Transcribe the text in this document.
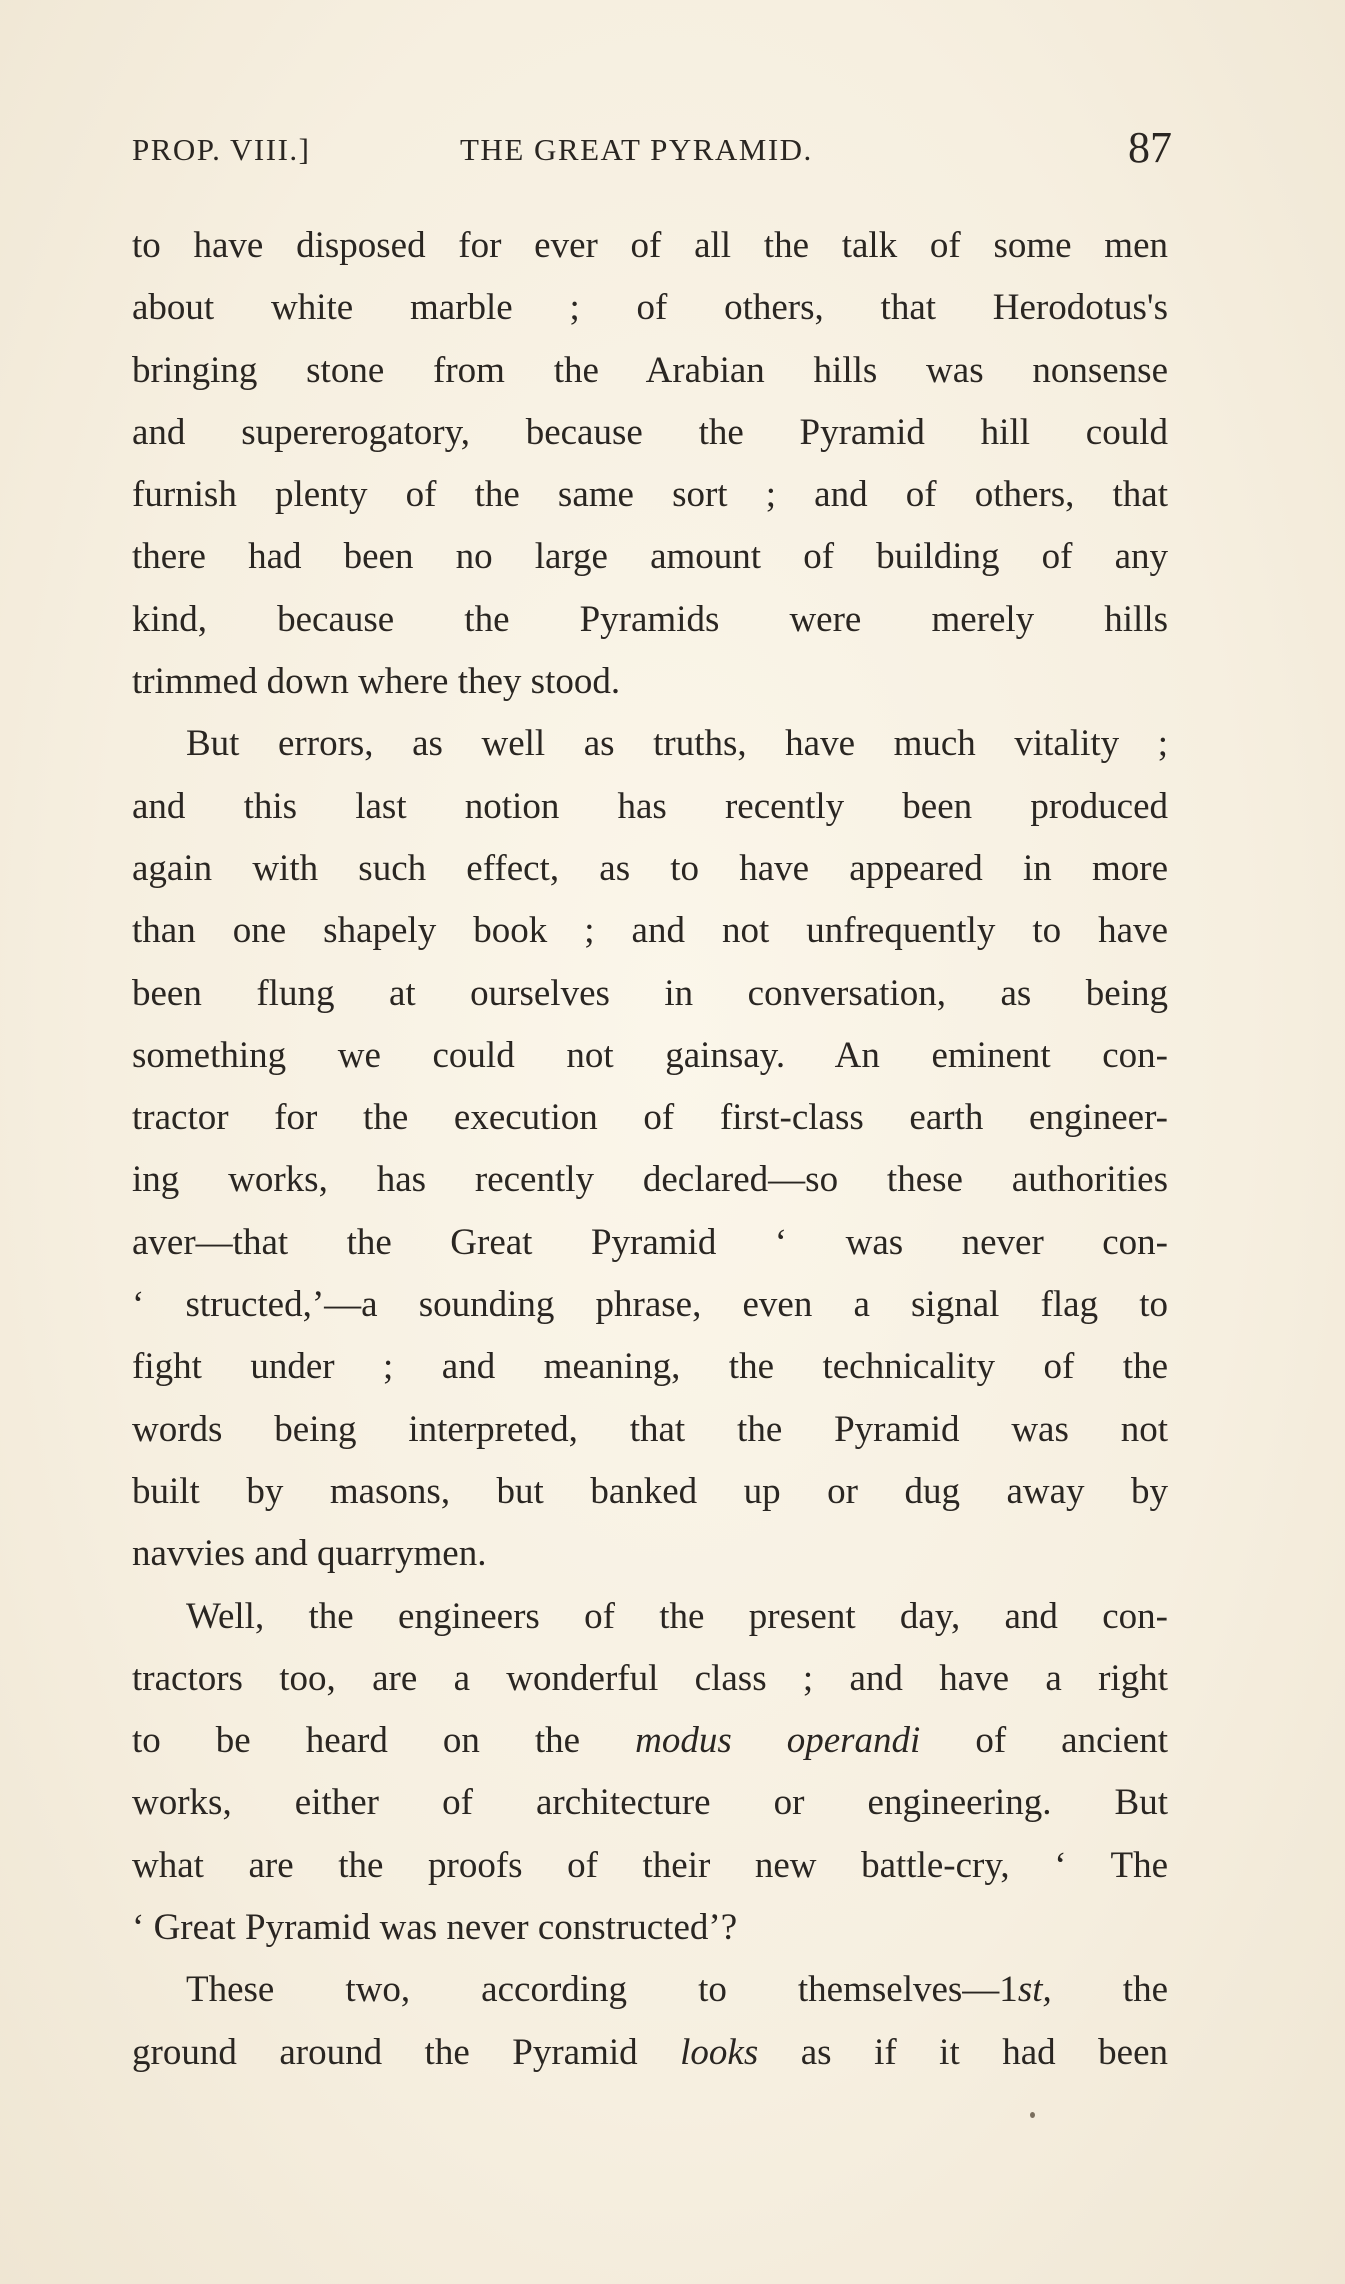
PROP. VIII.]	THE GREAT PYRAMID.	87
to have disposed for ever of all the talk of some men
about white marble ; of others, that Herodotus's
bringing stone from the Arabian hills was nonsense
and supererogatory, because the Pyramid hill could
furnish plenty of the same sort ; and of others, that
there had been no large amount of building of any
kind, because the Pyramids were merely hills
trimmed down where they stood.
But errors, as well as truths, have much vitality ;
and this last notion has recently been produced
again with such effect, as to have appeared in more
than one shapely book ; and not unfrequently to have
been flung at ourselves in conversation, as being
something we could not gainsay. An eminent con-
tractor for the execution of first-class earth engineer-
ing works, has recently declared—so these authorities
aver—that the Great Pyramid ‘ was never con-
‘ structed,’—a sounding phrase, even a signal flag to
fight under ; and meaning, the technicality of the
words being interpreted, that the Pyramid was not
built by masons, but banked up or dug away by
navvies and quarrymen.
Well, the engineers of the present day, and con-
tractors too, are a wonderful class ; and have a right
to be heard on the modus operandi of ancient
works, either of architecture or engineering. But
what are the proofs of their new battle-cry, ‘ The
‘ Great Pyramid was never constructed’?
These two, according to themselves—1st, the
ground around the Pyramid looks as if it had been
